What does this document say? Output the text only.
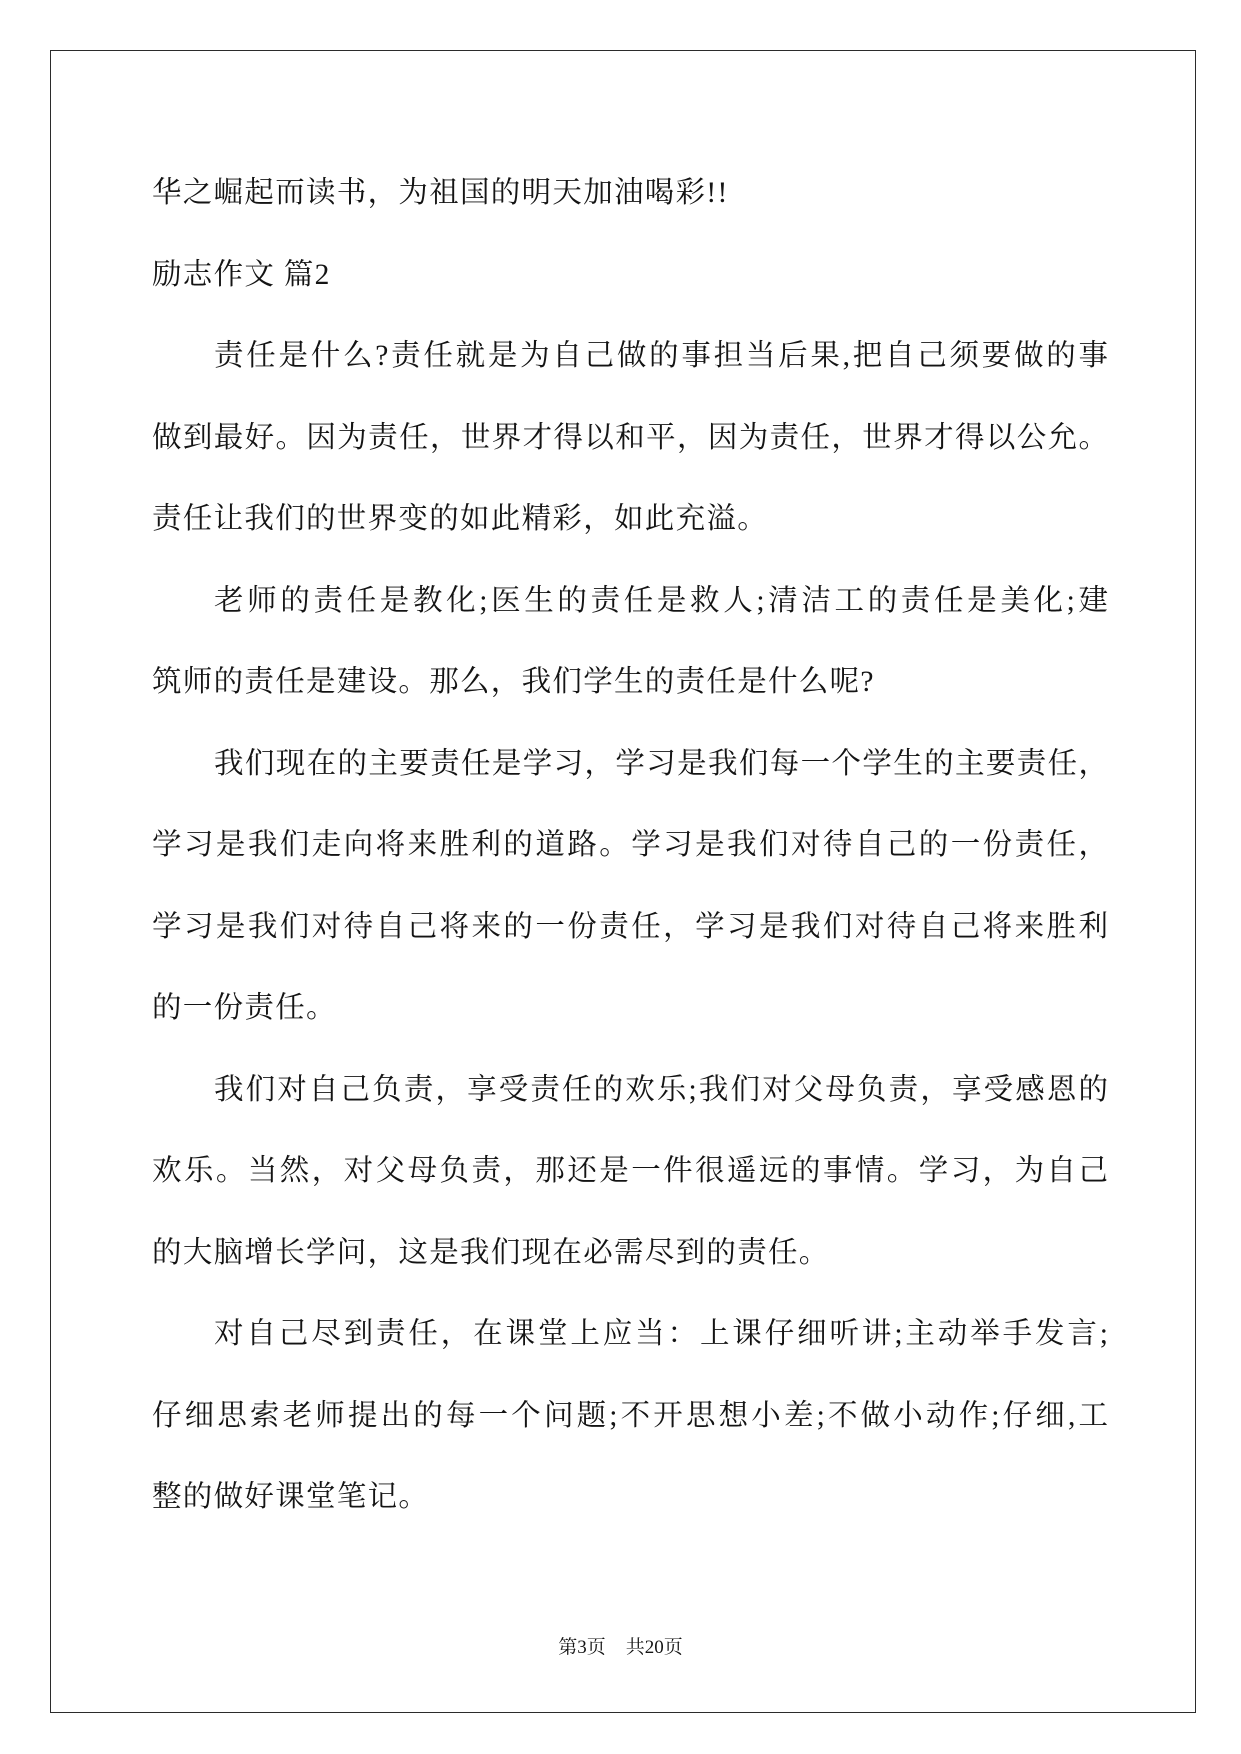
华之崛起而读书，为祖国的明天加油喝彩!!
励志作文 篇2
责任是什么?责任就是为自己做的事担当后果,把自己须要做的事
做到最好。因为责任，世界才得以和平，因为责任，世界才得以公允。
责任让我们的世界变的如此精彩，如此充溢。
老师的责任是教化;医生的责任是救人;清洁工的责任是美化;建
筑师的责任是建设。那么，我们学生的责任是什么呢?
我们现在的主要责任是学习，学习是我们每一个学生的主要责任，
学习是我们走向将来胜利的道路。学习是我们对待自己的一份责任，
学习是我们对待自己将来的一份责任，学习是我们对待自己将来胜利
的一份责任。
我们对自己负责，享受责任的欢乐;我们对父母负责，享受感恩的
欢乐。当然，对父母负责，那还是一件很遥远的事情。学习，为自己
的大脑增长学问，这是我们现在必需尽到的责任。
对自己尽到责任，在课堂上应当：上课仔细听讲;主动举手发言;
仔细思索老师提出的每一个问题;不开思想小差;不做小动作;仔细,工
整的做好课堂笔记。
第3页 共20页
